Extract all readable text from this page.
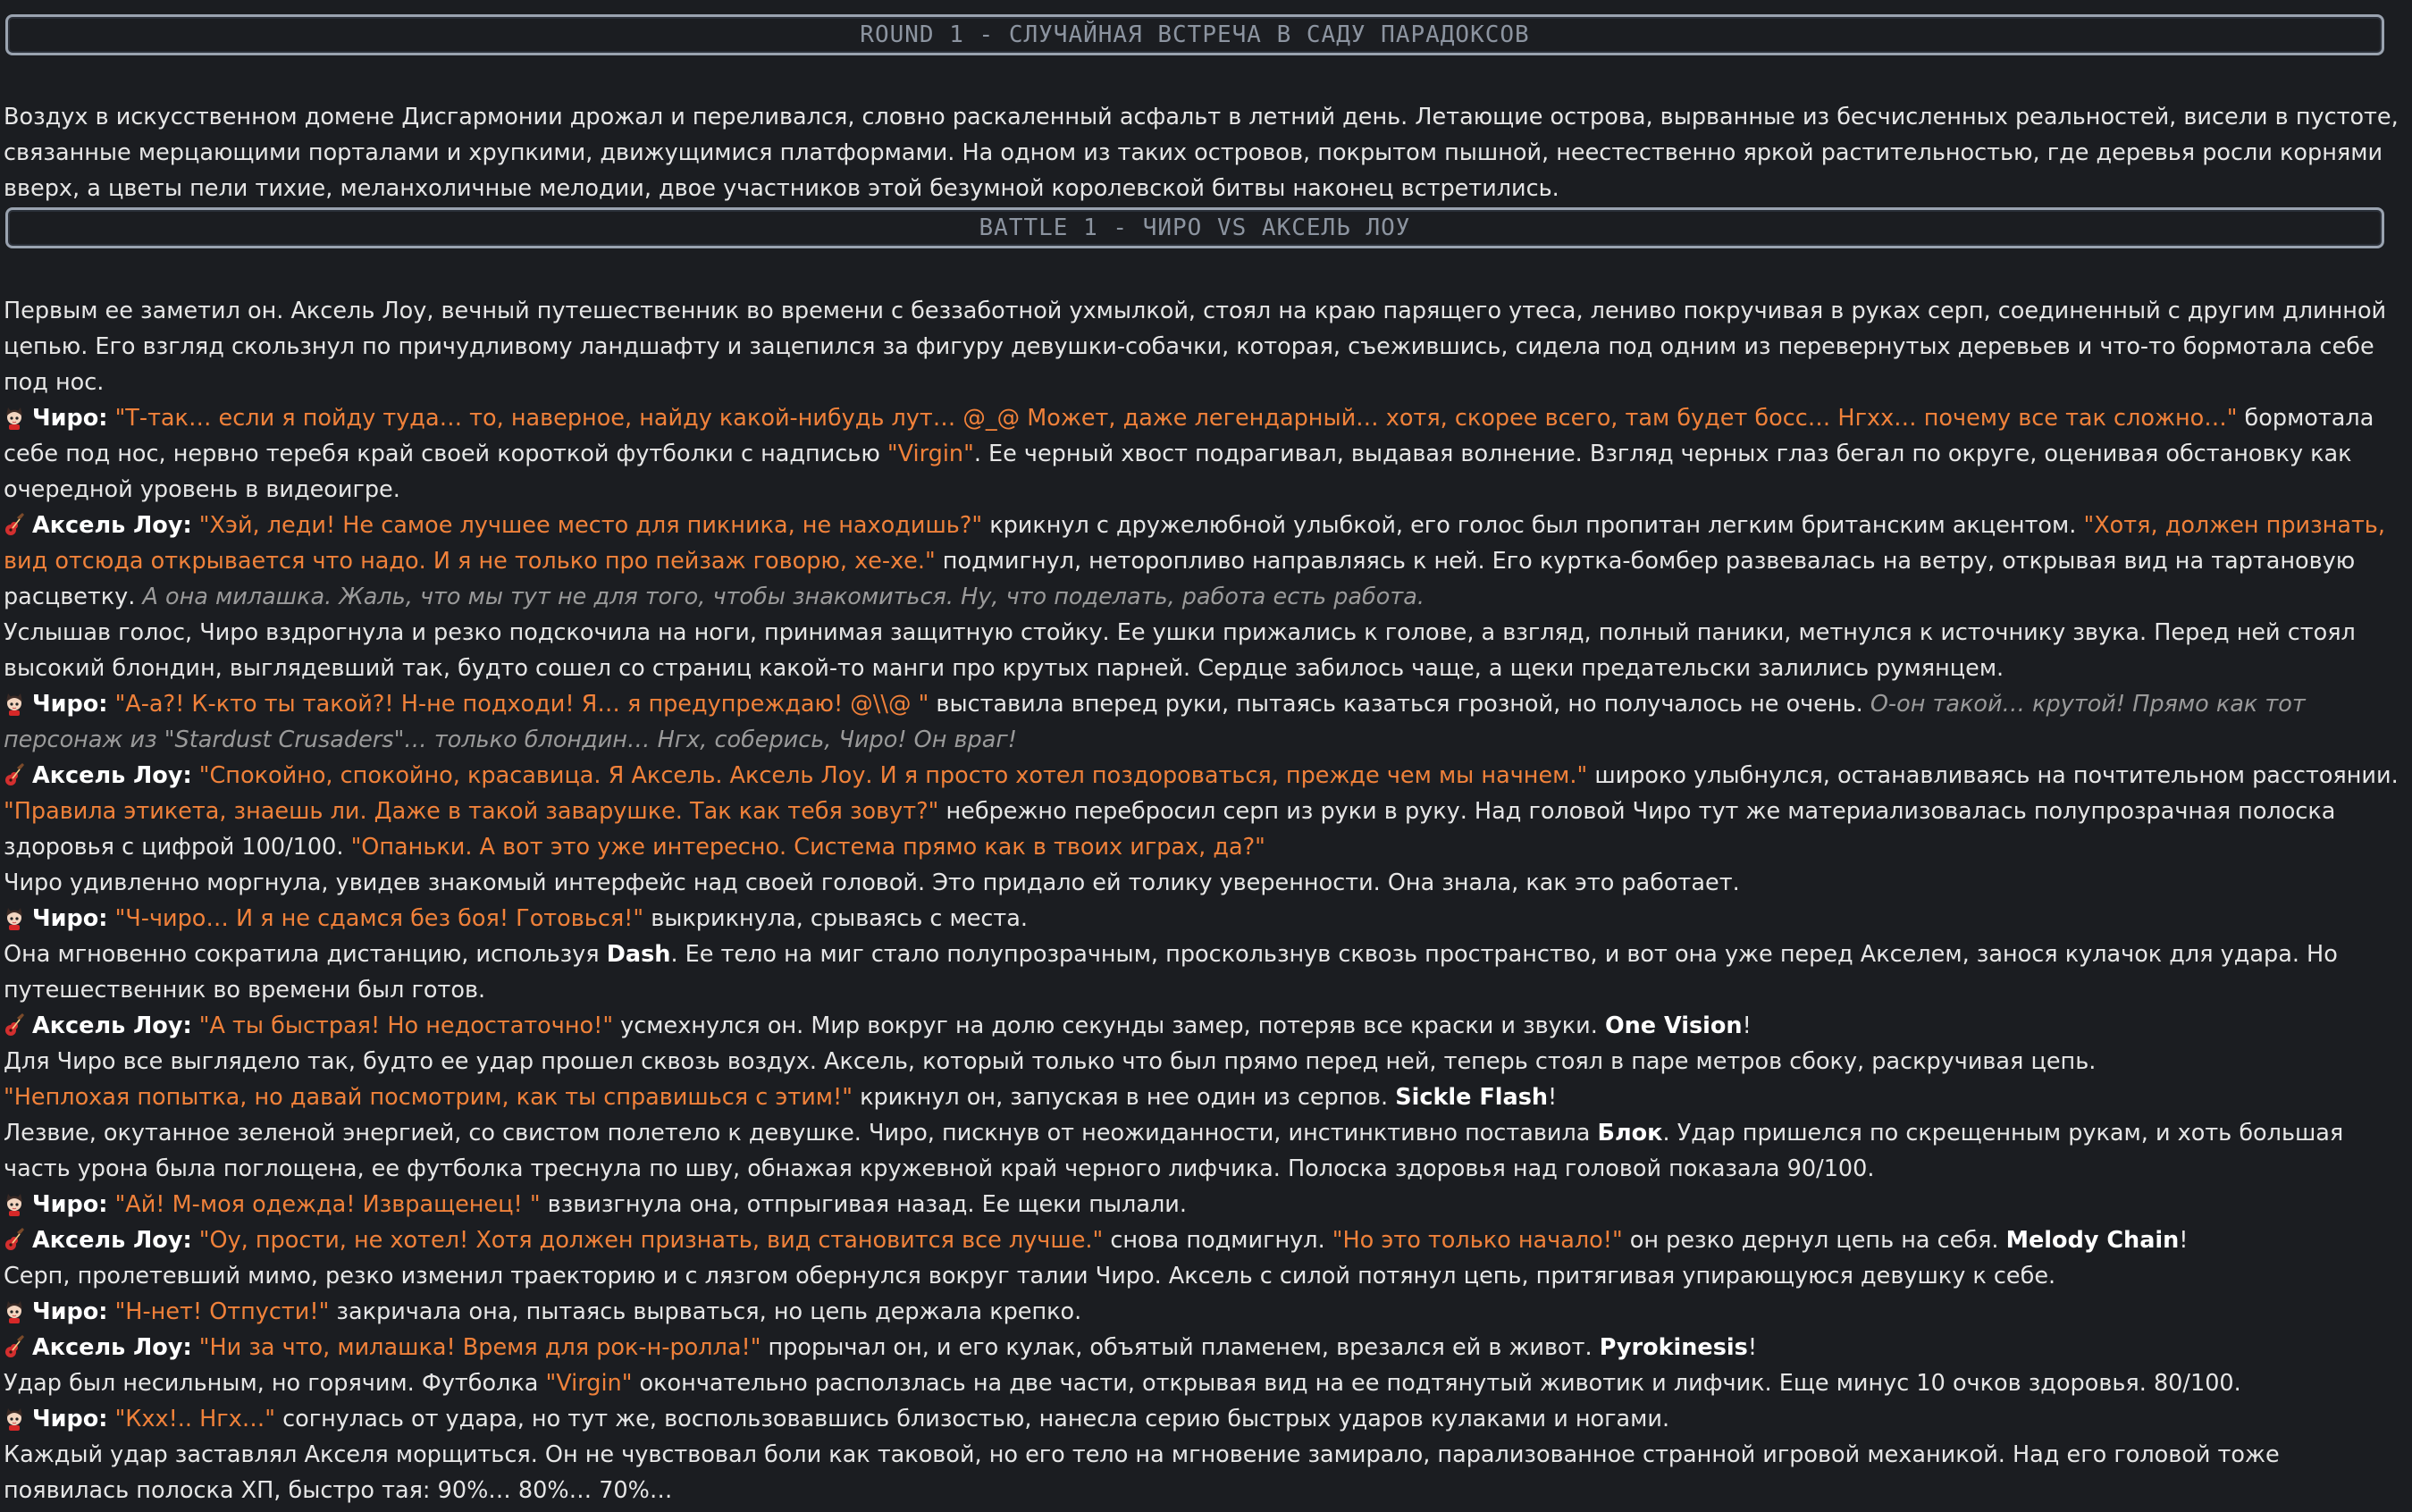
ROUND 1 - СЛУЧАЙНАЯ ВСТРЕЧА В САДУ ПАРАДОКСОВ

Воздух в искусственном домене Дисгармонии дрожал и переливался, словно раскаленный асфальт в летний день. Летающие острова, вырванные из бесчисленных реальностей, висели в пустоте, связанные мерцающими порталами и хрупкими, движущимися платформами. На одном из таких островов, покрытом пышной, неестественно яркой растительностью, где деревья росли корнями вверх, а цветы пели тихие, меланхоличные мелодии, двое участников этой безумной королевской битвы наконец встретились.

BATTLE 1 - ЧИРО VS АКСЕЛЬ ЛОУ

Первым ее заметил он. Аксель Лоу, вечный путешественник во времени с беззаботной ухмылкой, стоял на краю парящего утеса, лениво покручивая в руках серп, соединенный с другим длинной цепью. Его взгляд скользнул по причудливому ландшафту и зацепился за фигуру девушки-собачки, которая, съежившись, сидела под одним из перевернутых деревьев и что-то бормотала себе под нос.

Чиро: "Т-так… если я пойду туда… то, наверное, найду какой-нибудь лут… @_@ Может, даже легендарный… хотя, скорее всего, там будет босс… Нгхх… почему все так сложно…" бормотала себе под нос, нервно теребя край своей короткой футболки с надписью "Virgin". Ее черный хвост подрагивал, выдавая волнение. Взгляд черных глаз бегал по округе, оценивая обстановку как очередной уровень в видеоигре.

Аксель Лоу: "Хэй, леди! Не самое лучшее место для пикника, не находишь?" крикнул с дружелюбной улыбкой, его голос был пропитан легким британским акцентом. "Хотя, должен признать, вид отсюда открывается что надо. И я не только про пейзаж говорю, хе-хе." подмигнул, неторопливо направляясь к ней. Его куртка-бомбер развевалась на ветру, открывая вид на тартановую расцветку. А она милашка. Жаль, что мы тут не для того, чтобы знакомиться. Ну, что поделать, работа есть работа.

Услышав голос, Чиро вздрогнула и резко подскочила на ноги, принимая защитную стойку. Ее ушки прижались к голове, а взгляд, полный паники, метнулся к источнику звука. Перед ней стоял высокий блондин, выглядевший так, будто сошел со страниц какой-то манги про крутых парней. Сердце забилось чаще, а щеки предательски залились румянцем.

Чиро: "А-а?! К-кто ты такой?! Н-не подходи! Я… я предупреждаю! @\\@ " выставила вперед руки, пытаясь казаться грозной, но получалось не очень. О-он такой… крутой! Прямо как тот персонаж из "Stardust Crusaders"… только блондин… Нгх, соберись, Чиро! Он враг!

Аксель Лоу: "Спокойно, спокойно, красавица. Я Аксель. Аксель Лоу. И я просто хотел поздороваться, прежде чем мы начнем." широко улыбнулся, останавливаясь на почтительном расстоянии.
"Правила этикета, знаешь ли. Даже в такой заварушке. Так как тебя зовут?" небрежно перебросил серп из руки в руку. Над головой Чиро тут же материализовалась полупрозрачная полоска здоровья с цифрой 100/100. "Опаньки. А вот это уже интересно. Система прямо как в твоих играх, да?"

Чиро удивленно моргнула, увидев знакомый интерфейс над своей головой. Это придало ей толику уверенности. Она знала, как это работает.

Чиро: "Ч-чиро… И я не сдамся без боя! Готовься!" выкрикнула, срываясь с места.

Она мгновенно сократила дистанцию, используя Dash. Ее тело на миг стало полупрозрачным, проскользнув сквозь пространство, и вот она уже перед Акселем, занося кулачок для удара. Но путешественник во времени был готов.

Аксель Лоу: "А ты быстрая! Но недостаточно!" усмехнулся он. Мир вокруг на долю секунды замер, потеряв все краски и звуки. One Vision!

Для Чиро все выглядело так, будто ее удар прошел сквозь воздух. Аксель, который только что был прямо перед ней, теперь стоял в паре метров сбоку, раскручивая цепь.

"Неплохая попытка, но давай посмотрим, как ты справишься с этим!" крикнул он, запуская в нее один из серпов. Sickle Flash!

Лезвие, окутанное зеленой энергией, со свистом полетело к девушке. Чиро, пискнув от неожиданности, инстинктивно поставила Блок. Удар пришелся по скрещенным рукам, и хоть большая часть урона была поглощена, ее футболка треснула по шву, обнажая кружевной край черного лифчика. Полоска здоровья над головой показала 90/100.

Чиро: "Ай! М-моя одежда! Извращенец! " взвизгнула она, отпрыгивая назад. Ее щеки пылали.

Аксель Лоу: "Оу, прости, не хотел! Хотя должен признать, вид становится все лучше." снова подмигнул. "Но это только начало!" он резко дернул цепь на себя. Melody Chain!

Серп, пролетевший мимо, резко изменил траекторию и с лязгом обернулся вокруг талии Чиро. Аксель с силой потянул цепь, притягивая упирающуюся девушку к себе.

Чиро: "Н-нет! Отпусти!" закричала она, пытаясь вырваться, но цепь держала крепко.

Аксель Лоу: "Ни за что, милашка! Время для рок-н-ролла!" прорычал он, и его кулак, объятый пламенем, врезался ей в живот. Pyrokinesis!

Удар был несильным, но горячим. Футболка "Virgin" окончательно расползлась на две части, открывая вид на ее подтянутый животик и лифчик. Еще минус 10 очков здоровья. 80/100.

Чиро: "Кхх!.. Нгх…" согнулась от удара, но тут же, воспользовавшись близостью, нанесла серию быстрых ударов кулаками и ногами.

Каждый удар заставлял Акселя морщиться. Он не чувствовал боли как таковой, но его тело на мгновение замирало, парализованное странной игровой механикой. Над его головой тоже появилась полоска ХП, быстро тая: 90%… 80%… 70%…
